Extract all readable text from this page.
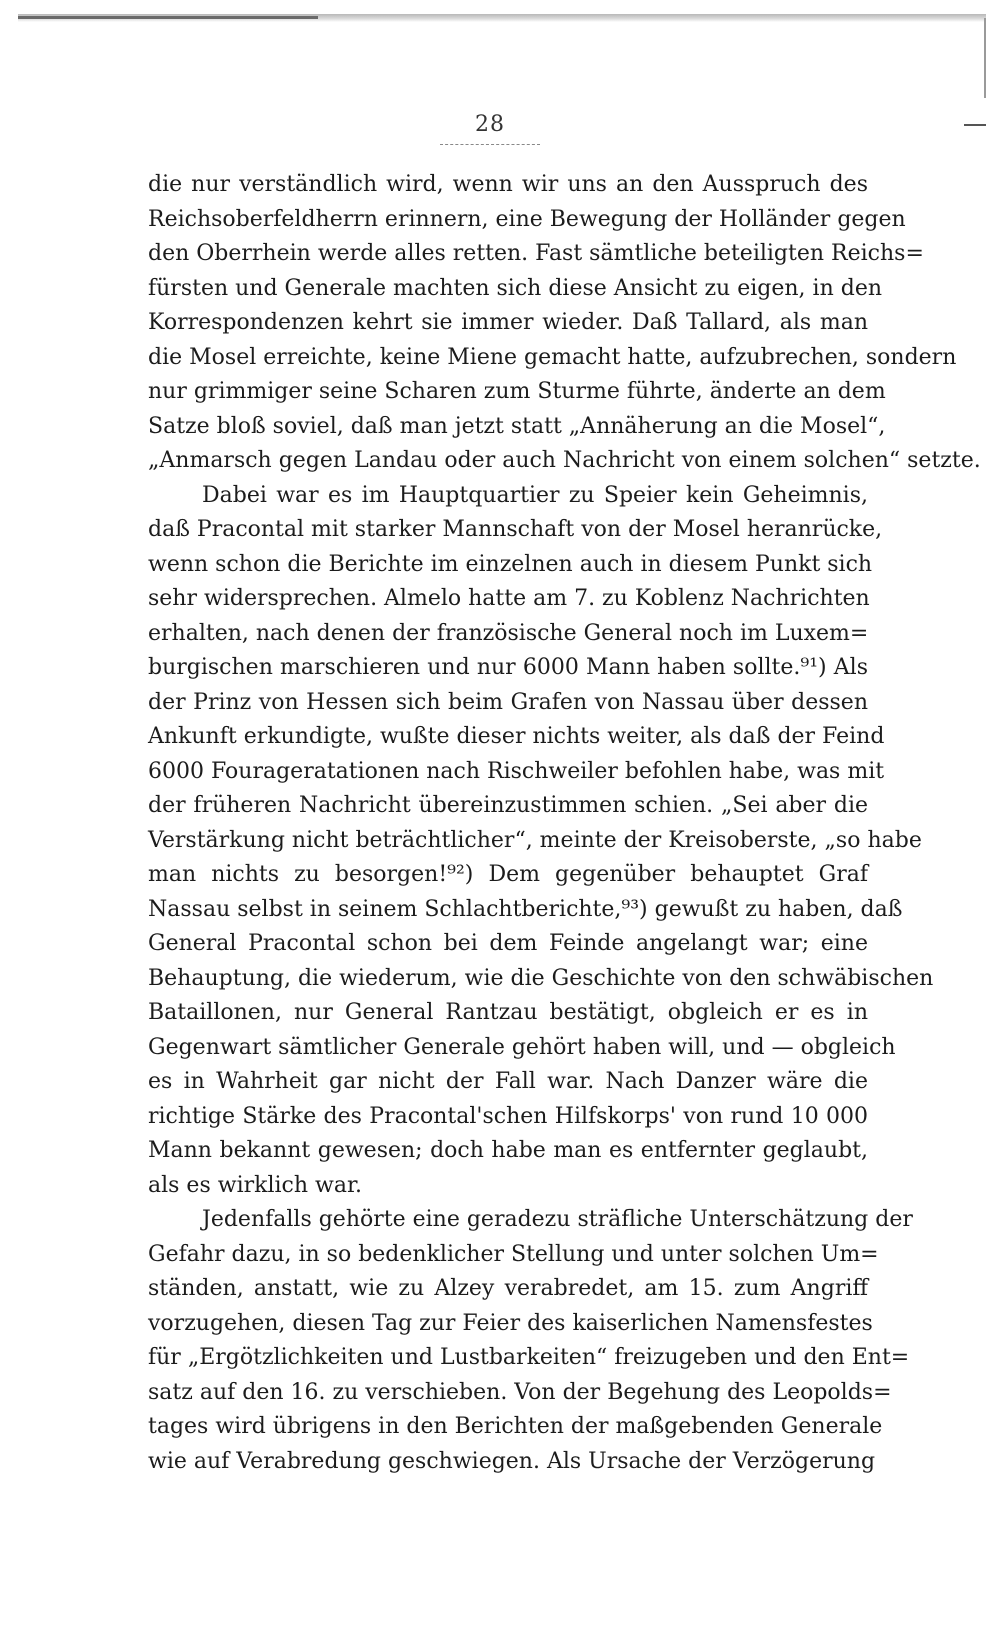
28
die nur verständlich wird, wenn wir uns an den Ausspruch des
Reichsoberfeldherrn erinnern, eine Bewegung der Holländer gegen
den Oberrhein werde alles retten. Fast sämtliche beteiligten Reichs=
fürsten und Generale machten sich diese Ansicht zu eigen, in den
Korrespondenzen kehrt sie immer wieder. Daß Tallard, als man
die Mosel erreichte, keine Miene gemacht hatte, aufzubrechen, sondern
nur grimmiger seine Scharen zum Sturme führte, änderte an dem
Satze bloß soviel, daß man jetzt statt „Annäherung an die Mosel“,
„Anmarsch gegen Landau oder auch Nachricht von einem solchen“ setzte.
Dabei war es im Hauptquartier zu Speier kein Geheimnis,
daß Pracontal mit starker Mannschaft von der Mosel heranrücke,
wenn schon die Berichte im einzelnen auch in diesem Punkt sich
sehr widersprechen. Almelo hatte am 7. zu Koblenz Nachrichten
erhalten, nach denen der französische General noch im Luxem=
burgischen marschieren und nur 6000 Mann haben sollte.⁹¹) Als
der Prinz von Hessen sich beim Grafen von Nassau über dessen
Ankunft erkundigte, wußte dieser nichts weiter, als daß der Feind
6000 Fourageratationen nach Rischweiler befohlen habe, was mit
der früheren Nachricht übereinzustimmen schien. „Sei aber die
Verstärkung nicht beträchtlicher“, meinte der Kreisoberste, „so habe
man nichts zu besorgen!⁹²) Dem gegenüber behauptet Graf
Nassau selbst in seinem Schlachtberichte,⁹³) gewußt zu haben, daß
General Pracontal schon bei dem Feinde angelangt war; eine
Behauptung, die wiederum, wie die Geschichte von den schwäbischen
Bataillonen, nur General Rantzau bestätigt, obgleich er es in
Gegenwart sämtlicher Generale gehört haben will, und — obgleich
es in Wahrheit gar nicht der Fall war. Nach Danzer wäre die
richtige Stärke des Pracontal'schen Hilfskorps' von rund 10 000
Mann bekannt gewesen; doch habe man es entfernter geglaubt,
als es wirklich war.
Jedenfalls gehörte eine geradezu sträfliche Unterschätzung der
Gefahr dazu, in so bedenklicher Stellung und unter solchen Um=
ständen, anstatt, wie zu Alzey verabredet, am 15. zum Angriff
vorzugehen, diesen Tag zur Feier des kaiserlichen Namensfestes
für „Ergötzlichkeiten und Lustbarkeiten“ freizugeben und den Ent=
satz auf den 16. zu verschieben. Von der Begehung des Leopolds=
tages wird übrigens in den Berichten der maßgebenden Generale
wie auf Verabredung geschwiegen. Als Ursache der Verzögerung
